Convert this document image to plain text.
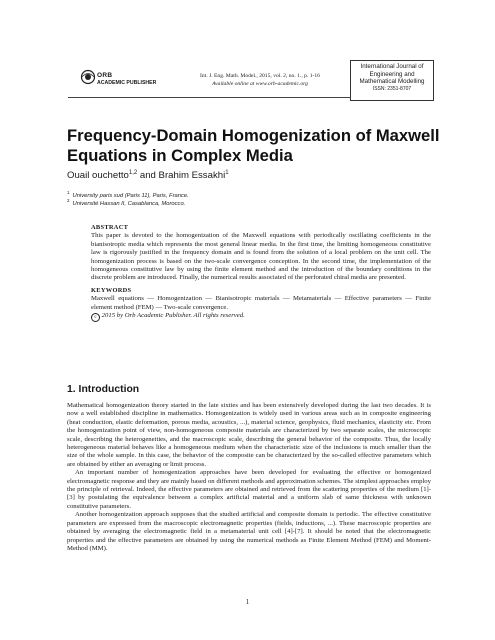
ORB
ACADEMIC PUBLISHER
Int. J. Eng. Math. Model., 2015, vol. 2, no. 1., p. 1-16
Available online at www.orb-academic.org
International Journal of
Engineering and
Mathematical Modelling
ISSN: 2351-8707
Frequency-Domain Homogenization of Maxwell Equations in Complex Media
Ouail ouchetto$^{1,2}$ and Brahim Essakhi$^1$
$^1$University paris sud (Paris 11), Paris, France.
$^2$Université Hassan II, Casablanca, Morocco.
ABSTRACT

This paper is devoted to the homogenization of the Maxwell equations with periodically oscillating coefficients in the bianisotropic media which represents the most general linear media. In the first time, the limiting homogeneous constitutive law is rigorously justified in the frequency domain and is found from the solution of a local problem on the unit cell. The homogenization process is based on the two-scale convergence conception. In the second time, the implementation of the homogeneous constitutive law by using the finite element method and the introduction of the boundary conditions in the discrete problem are introduced. Finally, the numerical results associated of the perforated chiral media are presented.

KEYWORDS

Maxwell equations — Homogenization — Bianisotropic materials — Metamaterials — Effective parameters — Finite element method (FEM) — Two-scale convergence.

c 2015 by Orb Academic Publisher. All rights reserved.

1. Introduction

Mathematical homogenization theory started in the late sixties and has been extensively developed during the last two decades. It is now a well established discipline in mathematics. Homogenization is widely used in various areas such as in composite engineering (heat conduction, elastic deformation, porous media, acoustics, ...), material science, geophysics, fluid mechanics, elasticity etc. From the homogenization point of view, non-homogeneous composite materials are characterized by two separate scales, the microscopic scale, describing the heterogeneities, and the macroscopic scale, describing the general behavior of the composite. Thus, the locally heterogeneous material behaves like a homogeneous medium when the characteristic size of the inclusions is much smaller than the size of the whole sample. In this case, the behavior of the composite can be characterized by the so-called effective parameters which are obtained by either an averaging or limit process.

An important number of homogenization approaches have been developed for evaluating the effective or homogenized electromagnetic response and they are mainly based on different methods and approximation schemes. The simplest approaches employ the principle of retrieval. Indeed, the effective parameters are obtained and retrieved from the scattering properties of the medium [1]-[3] by postulating the equivalence between a complex artificial material and a uniform slab of same thickness with unknown constitutive parameters.

Another homogenization approach supposes that the studied artificial and composite domain is periodic. The effective constitutive parameters are expressed from the macroscopic electromagnetic properties (fields, inductions, ...). These macroscopic properties are obtained by averaging the electromagnetic field in a metamaterial unit cell [4]-[7]. It should be noted that the electromagnetic properties and the effective parameters are obtained by using the numerical methods as Finite Element Method (FEM) and Moment-Method (MM).

1
